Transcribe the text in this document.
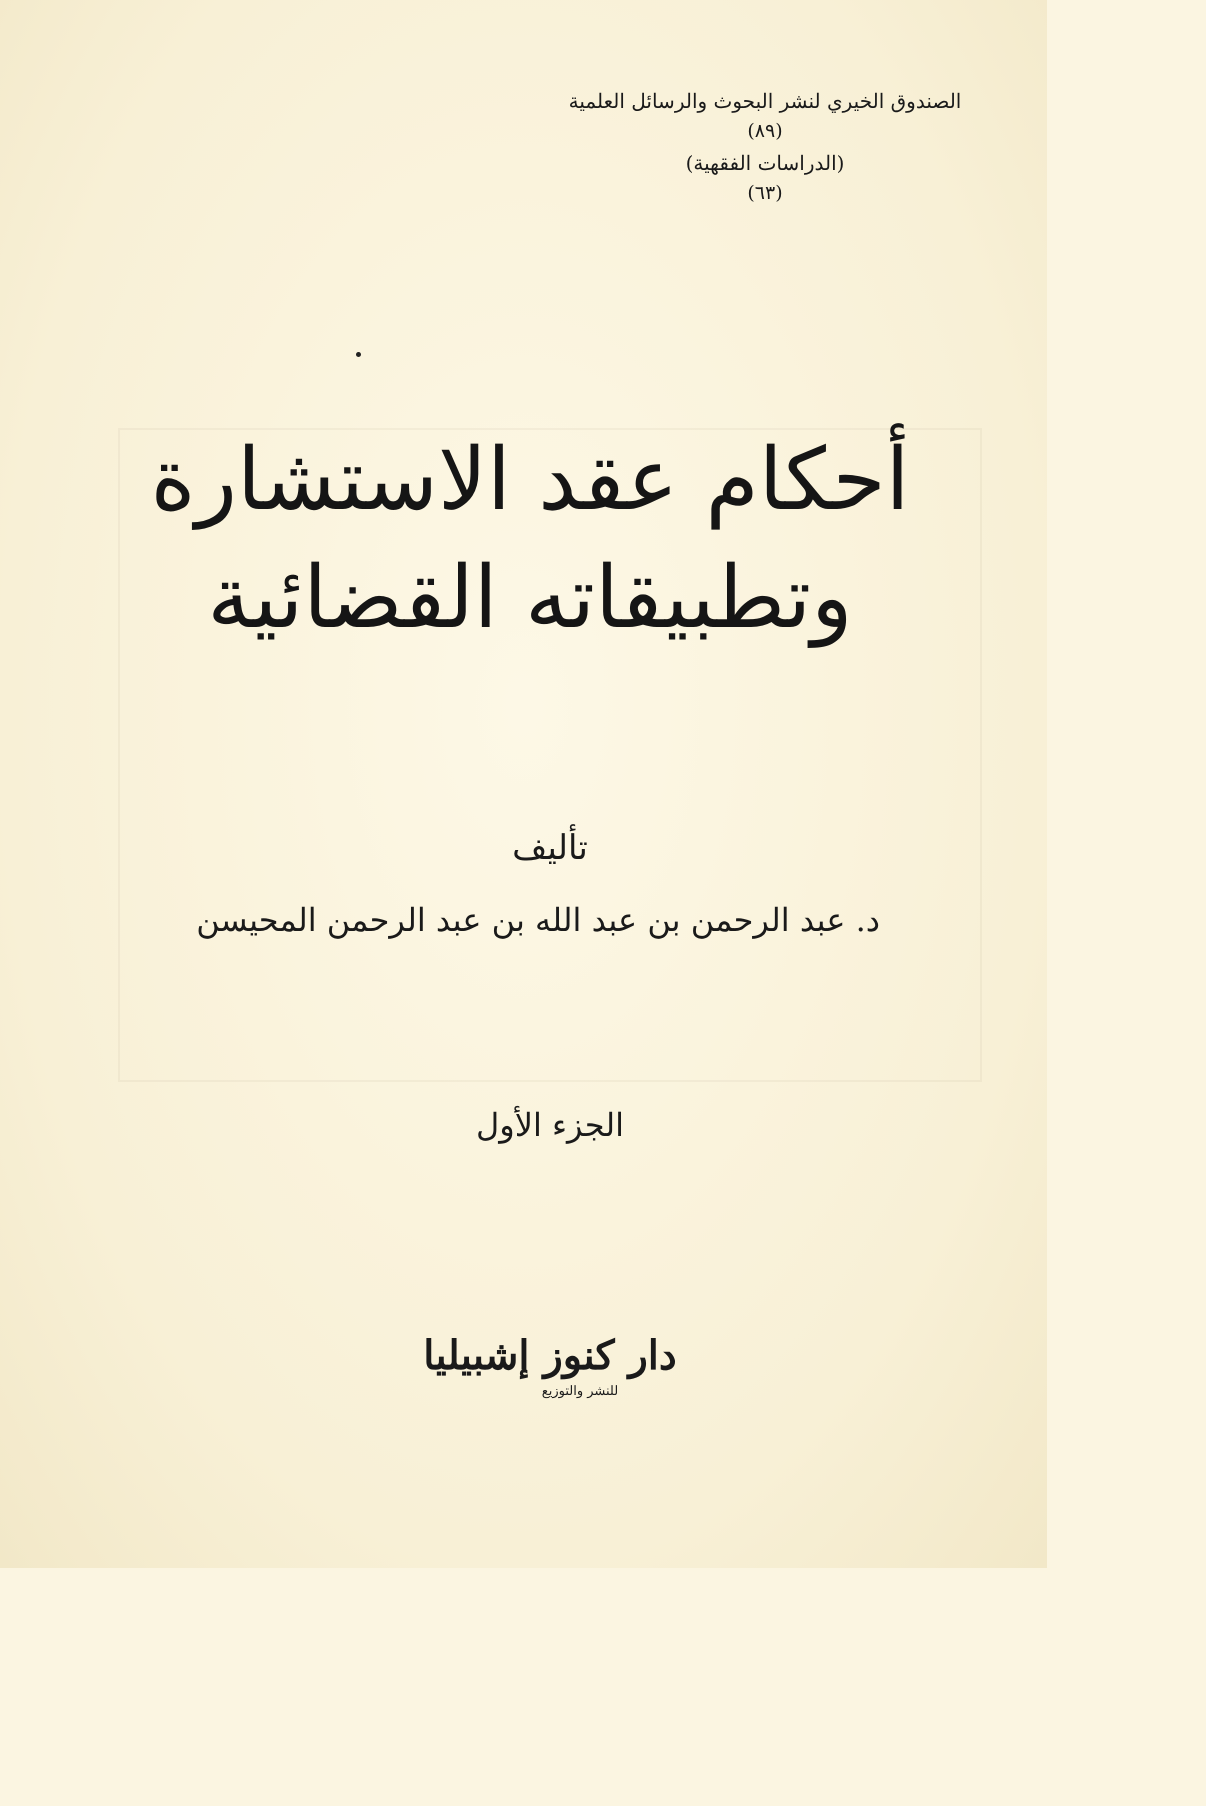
الصندوق الخيري لنشر البحوث والرسائل العلمية
(٨٩)
(الدراسات الفقهية)
(٦٣)
أحكام عقد الاستشارة
وتطبيقاته القضائية
تأليف
د. عبد الرحمن بن عبد الله بن عبد الرحمن المحيسن
الجزء الأول
دار كنوز إشبيليا
للنشر والتوزيع
